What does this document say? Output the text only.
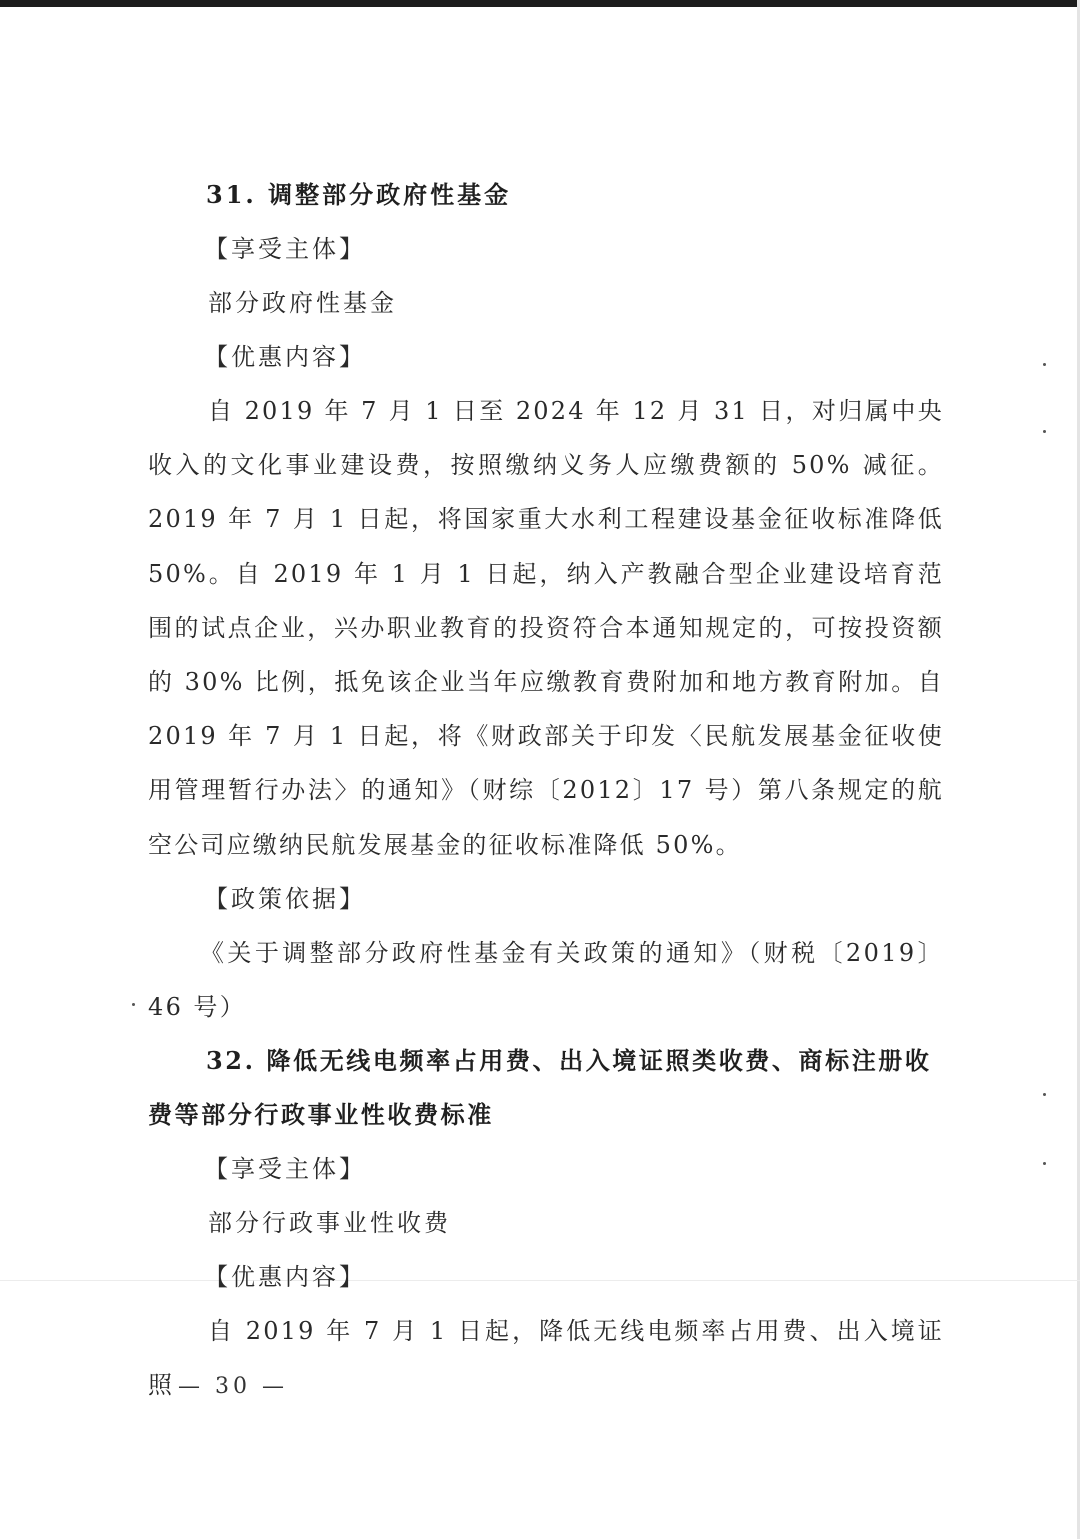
31. 调整部分政府性基金
【享受主体】
部分政府性基金
【优惠内容】
自 2019 年 7 月 1 日至 2024 年 12 月 31 日，对归属中央收入的文化事业建设费，按照缴纳义务人应缴费额的 50% 减征。2019 年 7 月 1 日起，将国家重大水利工程建设基金征收标准降低 50%。自 2019 年 1 月 1 日起，纳入产教融合型企业建设培育范围的试点企业，兴办职业教育的投资符合本通知规定的，可按投资额的 30% 比例，抵免该企业当年应缴教育费附加和地方教育附加。自 2019 年 7 月 1 日起，将《财政部关于印发〈民航发展基金征收使用管理暂行办法〉的通知》（财综〔2012〕17 号）第八条规定的航空公司应缴纳民航发展基金的征收标准降低 50%。
【政策依据】
《关于调整部分政府性基金有关政策的通知》（财税〔2019〕46 号）
32. 降低无线电频率占用费、出入境证照类收费、商标注册收费等部分行政事业性收费标准
【享受主体】
部分行政事业性收费
【优惠内容】
自 2019 年 7 月 1 日起，降低无线电频率占用费、出入境证照 — 30 —
